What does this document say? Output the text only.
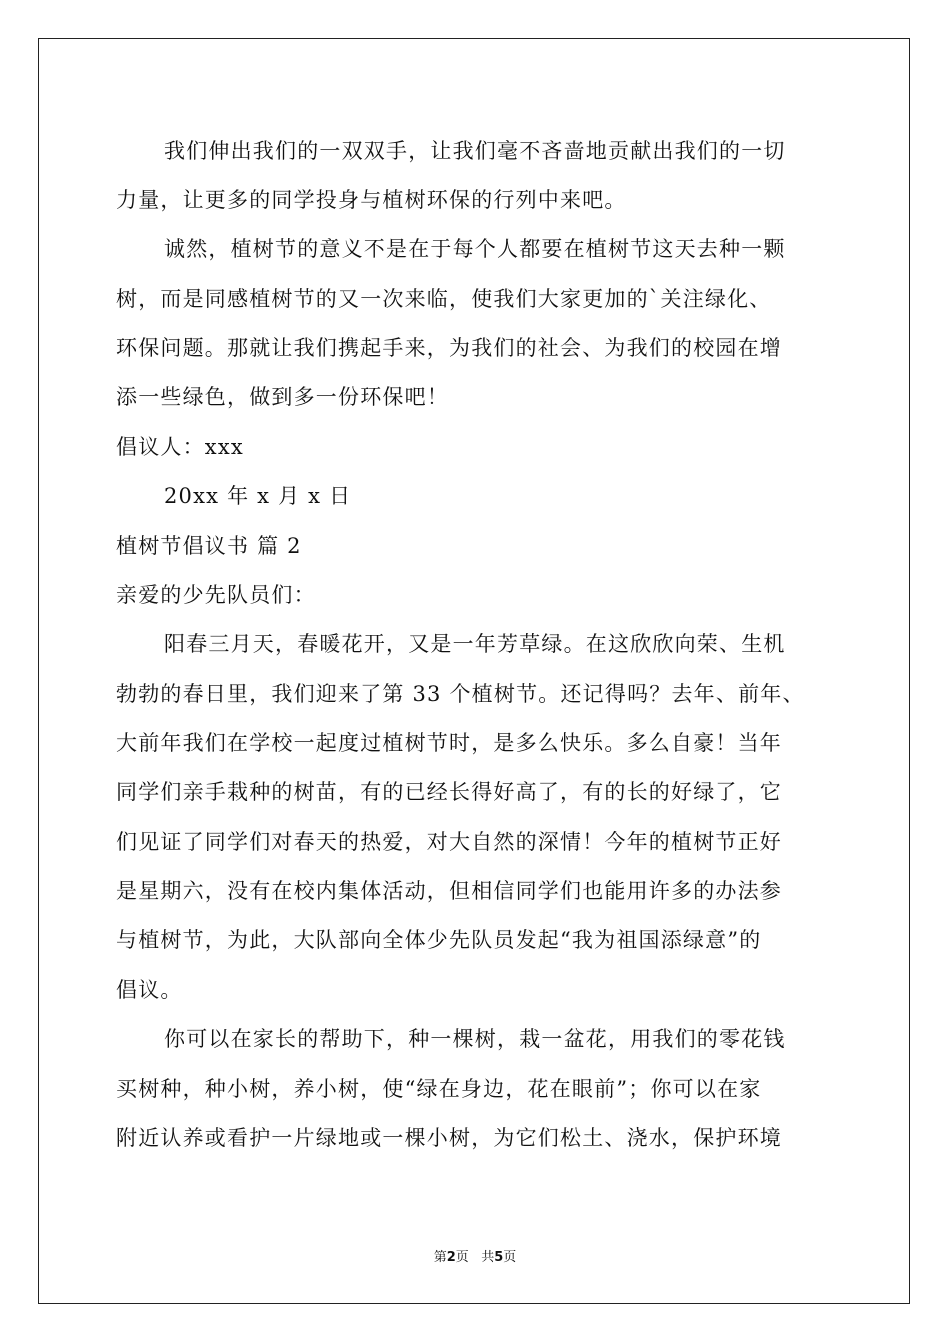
我们伸出我们的一双双手，让我们毫不吝啬地贡献出我们的一切

力量，让更多的同学投身与植树环保的行列中来吧。

诚然，植树节的意义不是在于每个人都要在植树节这天去种一颗

树，而是同感植树节的又一次来临，使我们大家更加的`关注绿化、

环保问题。那就让我们携起手来，为我们的社会、为我们的校园在增

添一些绿色，做到多一份环保吧！

倡议人：xxx

20xx 年 x 月 x 日

植树节倡议书 篇 2

亲爱的少先队员们：

阳春三月天，春暖花开，又是一年芳草绿。在这欣欣向荣、生机

勃勃的春日里，我们迎来了第 33 个植树节。还记得吗？去年、前年、

大前年我们在学校一起度过植树节时，是多么快乐。多么自豪！当年

同学们亲手栽种的树苗，有的已经长得好高了，有的长的好绿了，它

们见证了同学们对春天的热爱，对大自然的深情！今年的植树节正好

是星期六，没有在校内集体活动，但相信同学们也能用许多的办法参

与植树节，为此，大队部向全体少先队员发起“我为祖国添绿意”的

倡议。

你可以在家长的帮助下，种一棵树，栽一盆花，用我们的零花钱

买树种，种小树，养小树，使“绿在身边，花在眼前”；你可以在家

附近认养或看护一片绿地或一棵小树，为它们松土、浇水，保护环境

第2页 共5页
